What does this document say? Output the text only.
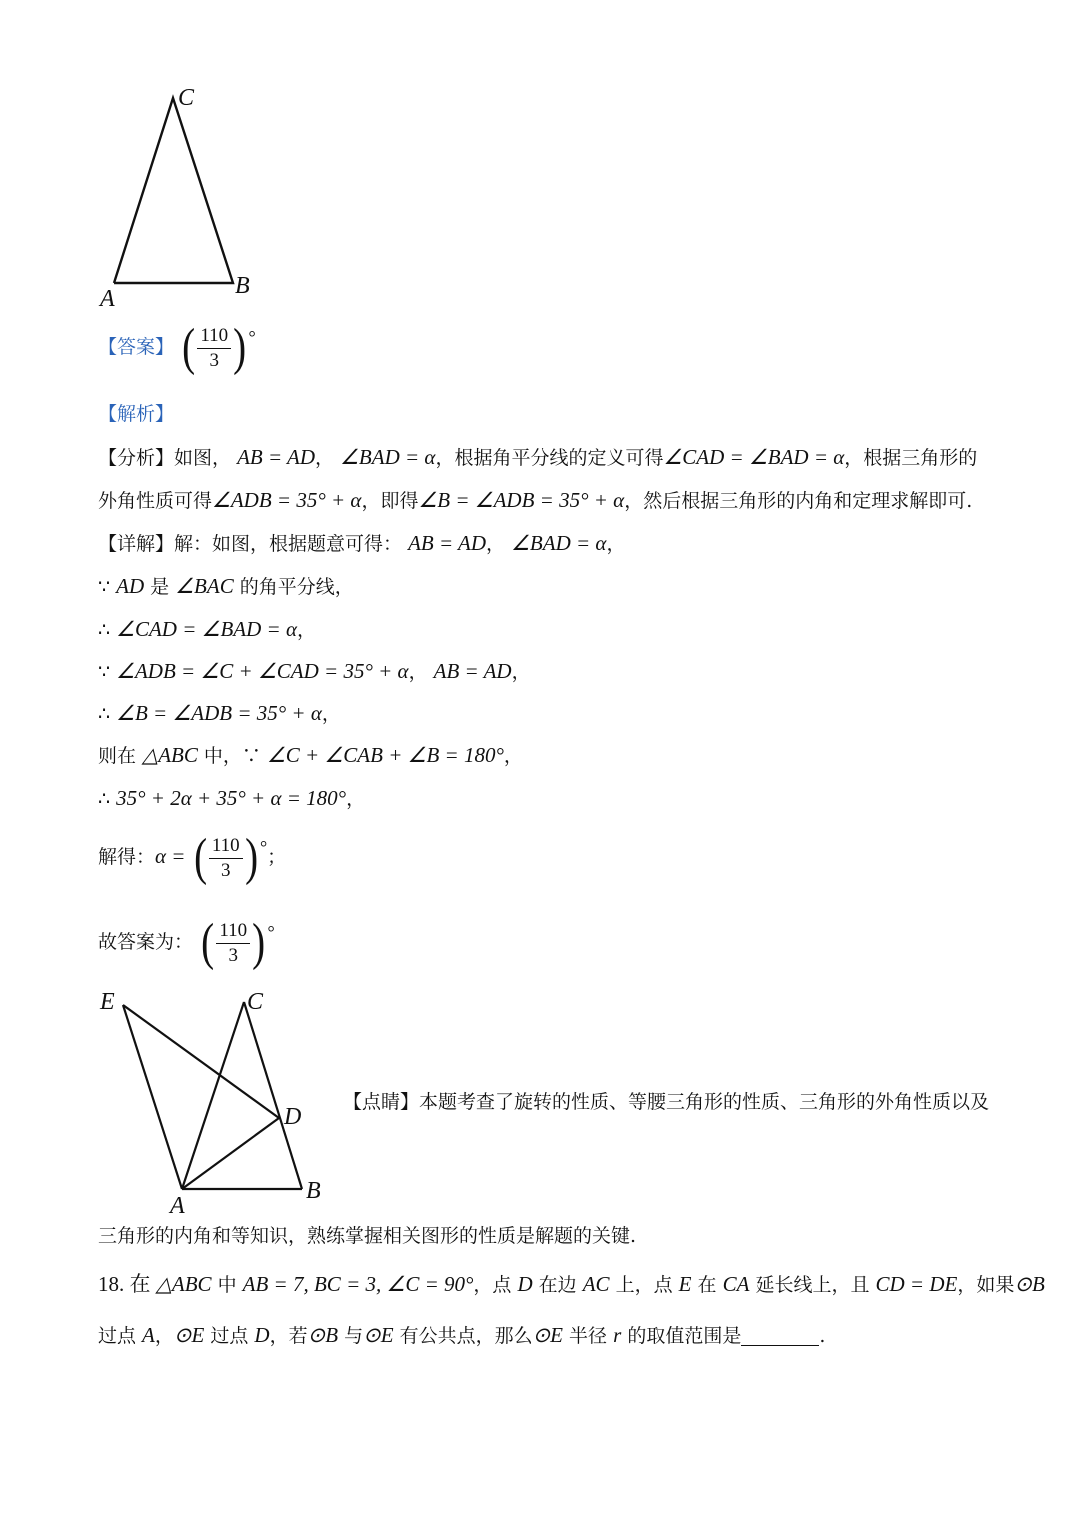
C
A	B
【答案】 ( $\frac{110}{3}$ ) °
【解析】
【分析】如图， AB = AD， ∠BAD = α，根据角平分线的定义可得∠CAD = ∠BAD = α，根据三角形的
外角性质可得∠ADB = 35° + α，即得∠B = ∠ADB = 35° + α，然后根据三角形的内角和定理求解即可.
【详解】解：如图，根据题意可得： AB = AD， ∠BAD = α，
∵ AD 是 ∠BAC 的角平分线，
∴ ∠CAD = ∠BAD = α，
∵ ∠ADB = ∠C + ∠CAD = 35° + α， AB = AD，
∴ ∠B = ∠ADB = 35° + α，
则在 △ABC 中，∵ ∠C + ∠CAB + ∠B = 180°，
∴ 35° + 2α + 35° + α = 180°，
解得：α = ( $\frac{110}{3}$ ) °；
故答案为： ( $\frac{110}{3}$ ) °
E	C
D
A
B
【点睛】本题考查了旋转的性质、等腰三角形的性质、三角形的外角性质以及
三角形的内角和等知识，熟练掌握相关图形的性质是解题的关键.
18. 在 △ABC 中 AB = 7, BC = 3, ∠C = 90°，点 D 在边 AC 上，点 E 在 CA 延长线上，且 CD = DE，如果⊙B
过点 A，⊙E 过点 D，若⊙B 与⊙E 有公共点，那么⊙E 半径 r 的取值范围是	.
